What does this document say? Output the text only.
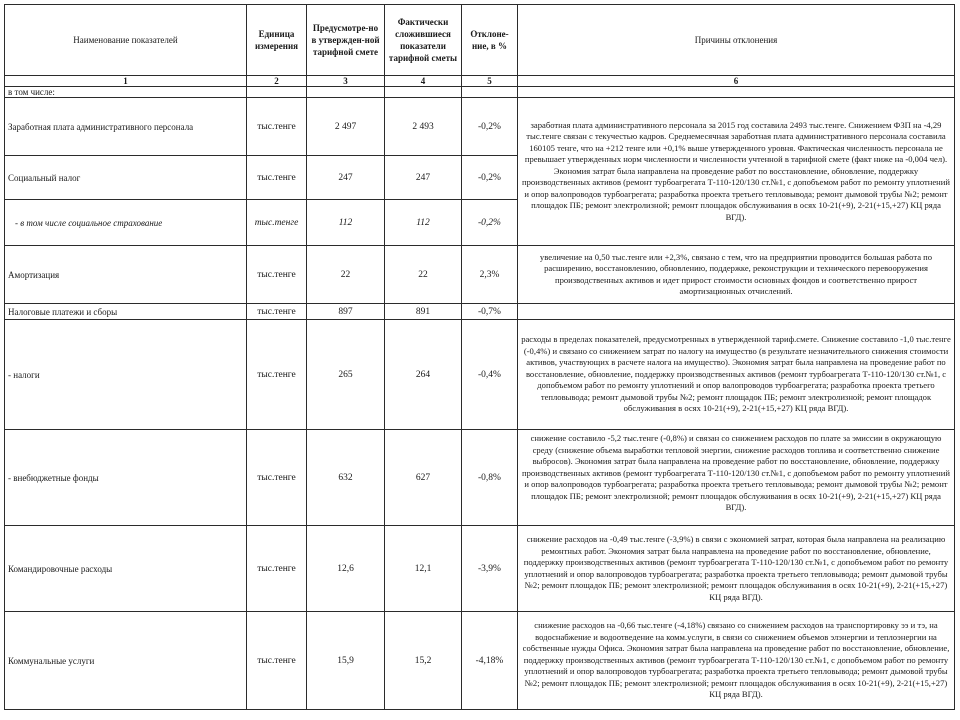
Наименование показателей	Единица измерения	Предусмотре-но в утвержден-ной тарифной смете	Фактически сложившиеся показатели тарифной сметы	Отклоне-ние, в %	Причины отклонения
1	2	3	4	5	6
в том числе:					
Заработная плата административного персонала	тыс.тенге	2 497	2 493	-0,2%	заработная плата административного персонала за 2015 год составила 2493 тыс.тенге. Снижением ФЗП на -4,29 тыс.тенге связан с текучестью кадров. Среднемесячная заработная плата административного персонала составила 160105 тенге, что на +212 тенге или +0,1% выше утвержденного уровня. Фактическая численность персонала не превышает утвержденных норм численности и численности учтенной в тарифной смете (факт ниже на -0,004 чел). Экономия затрат была направлена на проведение работ по восстановление, обновление, поддержку производственных активов (ремонт турбоагрегата Т-110-120/130 ст.№1, с допобъемом работ по ремонту уплотнений и опор валопроводов турбоагрегата; разработка проекта третьего тепловывода; ремонт дымовой трубы №2; ремонт площадок ПБ; ремонт электролизной; ремонт площадок обслуживания в осях 10-21(+9), 2-21(+15,+27) КЦ ряда ВГД).
Социальный налог	тыс.тенге	247	247	-0,2%	
- в том числе социальное страхование	тыс.тенге	112	112	-0,2%	
Амортизация	тыс.тенге	22	22	2,3%	увеличение на 0,50 тыс.тенге или +2,3%, связано с тем, что на предприятии проводится большая работа по расширению, восстановлению, обновлению, поддержке, реконструкции и технического перевооружения производственных активов и идет прирост стоимости основных фондов и соответственно прирост амортизационных отчислений.
Налоговые платежи и сборы	тыс.тенге	897	891	-0,7%	
- налоги	тыс.тенге	265	264	-0,4%	расходы в пределах показателей, предусмотренных в утвержденной тариф.смете. Снижение составило -1,0 тыс.тенге (-0,4%) и связано со снижением затрат по налогу на имущество (в результате незначительного снижения стоимости активов, участвующих в расчете налога на имущество). Экономия затрат была направлена на проведение работ по восстановление, обновление, поддержку производственных активов (ремонт турбоагрегата Т-110-120/130 ст.№1, с допобъемом работ по ремонту уплотнений и опор валопроводов турбоагрегата; разработка проекта третьего тепловывода; ремонт дымовой трубы №2; ремонт площадок ПБ; ремонт электролизной; ремонт площадок обслуживания в осях 10-21(+9), 2-21(+15,+27) КЦ ряда ВГД).
- внебюджетные фонды	тыс.тенге	632	627	-0,8%	снижение составило -5,2 тыс.тенге (-0,8%) и связан со снижением расходов по плате за эмиссии в окружающую среду (снижение объема выработки тепловой энергии, снижение расходов топлива и соответственно снижение выбросов). Экономия затрат была направлена на проведение работ по восстановление, обновление, поддержку производственных активов (ремонт турбоагрегата Т-110-120/130 ст.№1, с допобъемом работ по ремонту уплотнений и опор валопроводов турбоагрегата; разработка проекта третьего тепловывода; ремонт дымовой трубы №2; ремонт площадок ПБ; ремонт электролизной; ремонт площадок обслуживания в осях 10-21(+9), 2-21(+15,+27) КЦ ряда ВГД).
Командировочные расходы	тыс.тенге	12,6	12,1	-3,9%	снижение расходов на -0,49 тыс.тенге (-3,9%) в связи с экономией затрат, которая была направлена на реализацию ремонтных работ. Экономия затрат была направлена на проведение работ по восстановление, обновление, поддержку производственных активов (ремонт турбоагрегата Т-110-120/130 ст.№1, с допобъемом работ по ремонту уплотнений и опор валопроводов турбоагрегата; разработка проекта третьего тепловывода; ремонт дымовой трубы №2; ремонт площадок ПБ; ремонт электролизной; ремонт площадок обслуживания в осях 10-21(+9), 2-21(+15,+27) КЦ ряда ВГД).
Коммунальные услуги	тыс.тенге	15,9	15,2	-4,18%	снижение расходов на -0,66 тыс.тенге (-4,18%) связано со снижением расходов на транспортировку ээ и тэ, на водоснабжение и водоотведение на комм.услуги, в связи со снижением объемов элэнергии и теплоэнергии на собственные нужды Офиса. Экономия затрат была направлена на проведение работ по восстановление, обновление, поддержку производственных активов (ремонт турбоагрегата Т-110-120/130 ст.№1, с допобъемом работ по ремонту уплотнений и опор валопроводов турбоагрегата; разработка проекта третьего тепловывода; ремонт дымовой трубы №2; ремонт площадок ПБ; ремонт электролизной; ремонт площадок обслуживания в осях 10-21(+9), 2-21(+15,+27) КЦ ряда ВГД).
